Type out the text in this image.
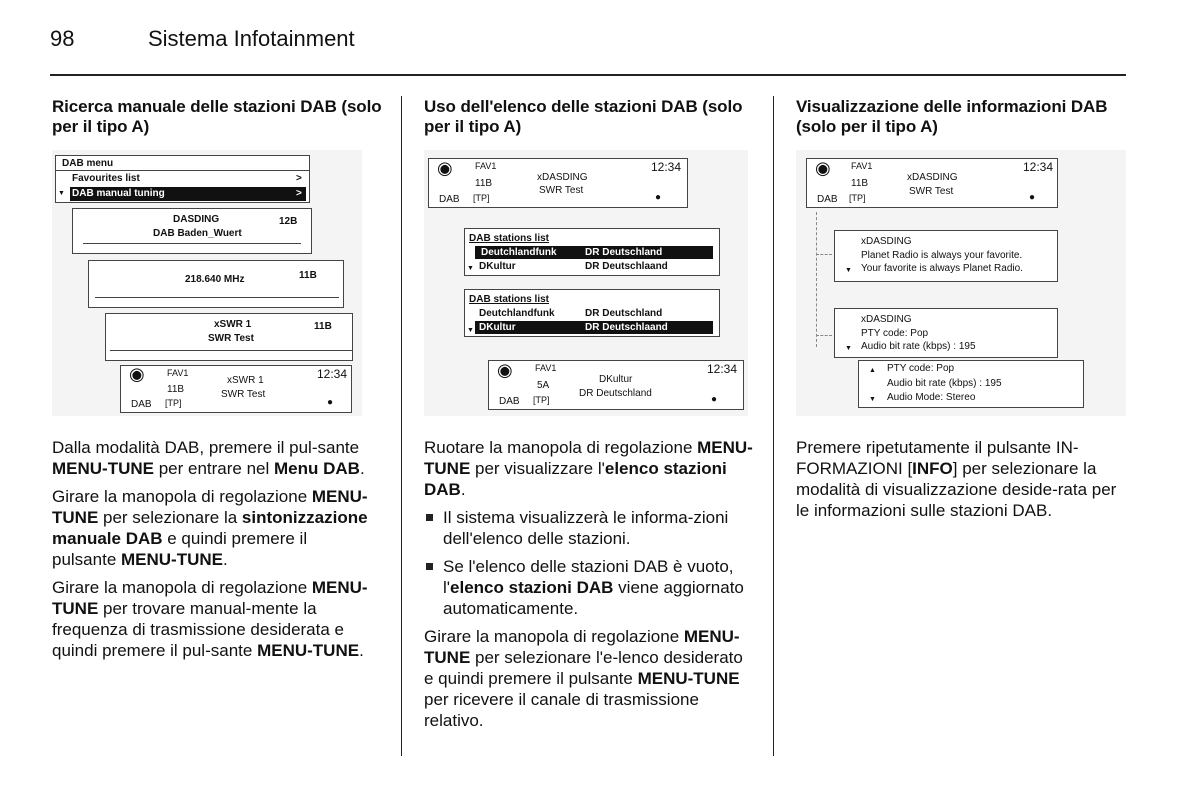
98	Sistema Infotainment
Ricerca manuale delle stazioni DAB (solo per il tipo A)
DAB menu
Favourites list	>
▼ DAB manual tuning	>
DASDING	12B
DAB Baden_Wuert
218.640 MHz	11B
xSWR 1	11B
SWR Test
◉
DAB
FAV1
11B
[TP]
xSWR 1
SWR Test
12:34
●

Dalla modalità DAB, premere il pul-sante MENU-TUNE per entrare nel Menu DAB.

Girare la manopola di regolazione MENU-TUNE per selezionare la sintonizzazione manuale DAB e quindi premere il pulsante MENU-TUNE.

Girare la manopola di regolazione MENU-TUNE per trovare manual-mente la frequenza di trasmissione desiderata e quindi premere il pul-sante MENU-TUNE.

Uso dell'elenco delle stazioni DAB (solo per il tipo A)
◉
DAB
FAV1
11B
[TP]
xDASDING
SWR Test
12:34
●
DAB stations list
Deutchlandfunk	DR Deutschland
▼ DKultur	DR Deutschlaand
DAB stations list
Deutchlandfunk	DR Deutschland
▼ DKultur	DR Deutschlaand
◉
DAB
FAV1
5A
[TP]
DKultur
DR Deutschland
12:34
●

Ruotare la manopola di regolazione MENU-TUNE per visualizzare l'elenco stazioni DAB.

Il sistema visualizzerà le informa-zioni dell'elenco delle stazioni.
Se l'elenco delle stazioni DAB è vuoto, l'elenco stazioni DAB viene aggiornato automaticamente.

Girare la manopola di regolazione MENU-TUNE per selezionare l'e-lenco desiderato e quindi premere il pulsante MENU-TUNE per ricevere il canale di trasmissione relativo.

Visualizzazione delle informazioni DAB (solo per il tipo A)
◉
DAB
FAV1
11B
[TP]
xDASDING
SWR Test
12:34
●
xDASDING
Planet Radio is always your favorite.
▼ Your favorite is always Planet Radio.
xDASDING
PTY code: Pop
▼ Audio bit rate (kbps) : 195
▲ PTY code: Pop
Audio bit rate (kbps) : 195
▼ Audio Mode: Stereo

Premere ripetutamente il pulsante IN-FORMAZIONI [INFO] per selezionare la modalità di visualizzazione deside-rata per le informazioni sulle stazioni DAB.
